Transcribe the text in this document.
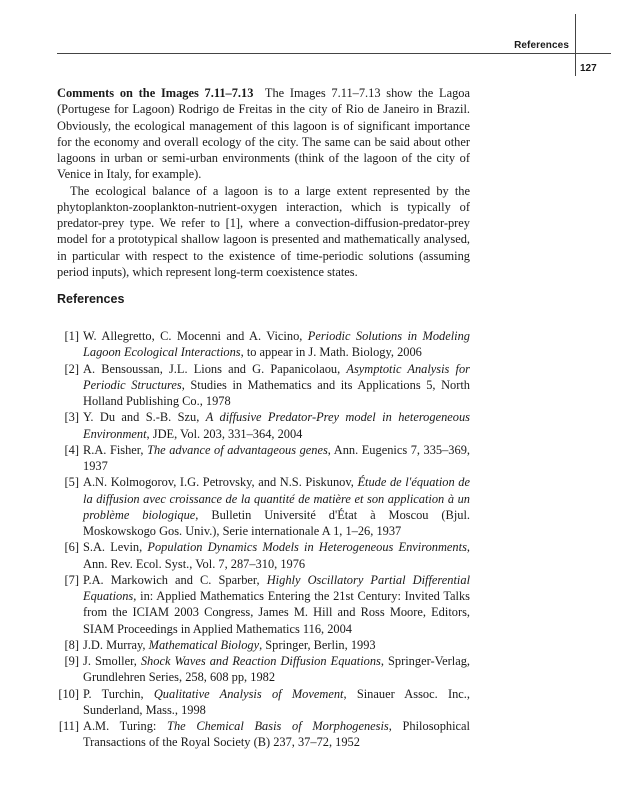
References
127

Comments on the Images 7.11–7.13 The Images 7.11–7.13 show the Lagoa (Portugese for Lagoon) Rodrigo de Freitas in the city of Rio de Janeiro in Brazil. Obviously, the ecological management of this lagoon is of significant importance for the economy and overall ecology of the city. The same can be said about other lagoons in urban or semi-urban environments (think of the lagoon of the city of Venice in Italy, for example).

The ecological balance of a lagoon is to a large extent represented by the phytoplankton-zooplankton-nutrient-oxygen interaction, which is typically of predator-prey type. We refer to [1], where a convection-diffusion-predator-prey model for a prototypical shallow lagoon is presented and mathematically analysed, in particular with respect to the existence of time-periodic solutions (assuming period inputs), which represent long-term coexistence states.

References
[1] W. Allegretto, C. Mocenni and A. Vicino, Periodic Solutions in Modeling Lagoon Ecological Interactions, to appear in J. Math. Biology, 2006
[2] A. Bensoussan, J.L. Lions and G. Papanicolaou, Asymptotic Analysis for Periodic Structures, Studies in Mathematics and its Applications 5, North Holland Publishing Co., 1978
[3] Y. Du and S.-B. Szu, A diffusive Predator-Prey model in heterogeneous Environment, JDE, Vol. 203, 331–364, 2004
[4] R.A. Fisher, The advance of advantageous genes, Ann. Eugenics 7, 335–369, 1937
[5] A.N. Kolmogorov, I.G. Petrovsky, and N.S. Piskunov, Étude de l'équation de la diffusion avec croissance de la quantité de matière et son application à un problème biologique, Bulletin Université d'État à Moscou (Bjul. Moskowskogo Gos. Univ.), Serie internationale A 1, 1–26, 1937
[6] S.A. Levin, Population Dynamics Models in Heterogeneous Environments, Ann. Rev. Ecol. Syst., Vol. 7, 287–310, 1976
[7] P.A. Markowich and C. Sparber, Highly Oscillatory Partial Differential Equations, in: Applied Mathematics Entering the 21st Century: Invited Talks from the ICIAM 2003 Congress, James M. Hill and Ross Moore, Editors, SIAM Proceedings in Applied Mathematics 116, 2004
[8] J.D. Murray, Mathematical Biology, Springer, Berlin, 1993
[9] J. Smoller, Shock Waves and Reaction Diffusion Equations, Springer-Verlag, Grundlehren Series, 258, 608 pp, 1982
[10] P. Turchin, Qualitative Analysis of Movement, Sinauer Assoc. Inc., Sunderland, Mass., 1998
[11] A.M. Turing: The Chemical Basis of Morphogenesis, Philosophical Transactions of the Royal Society (B) 237, 37–72, 1952
